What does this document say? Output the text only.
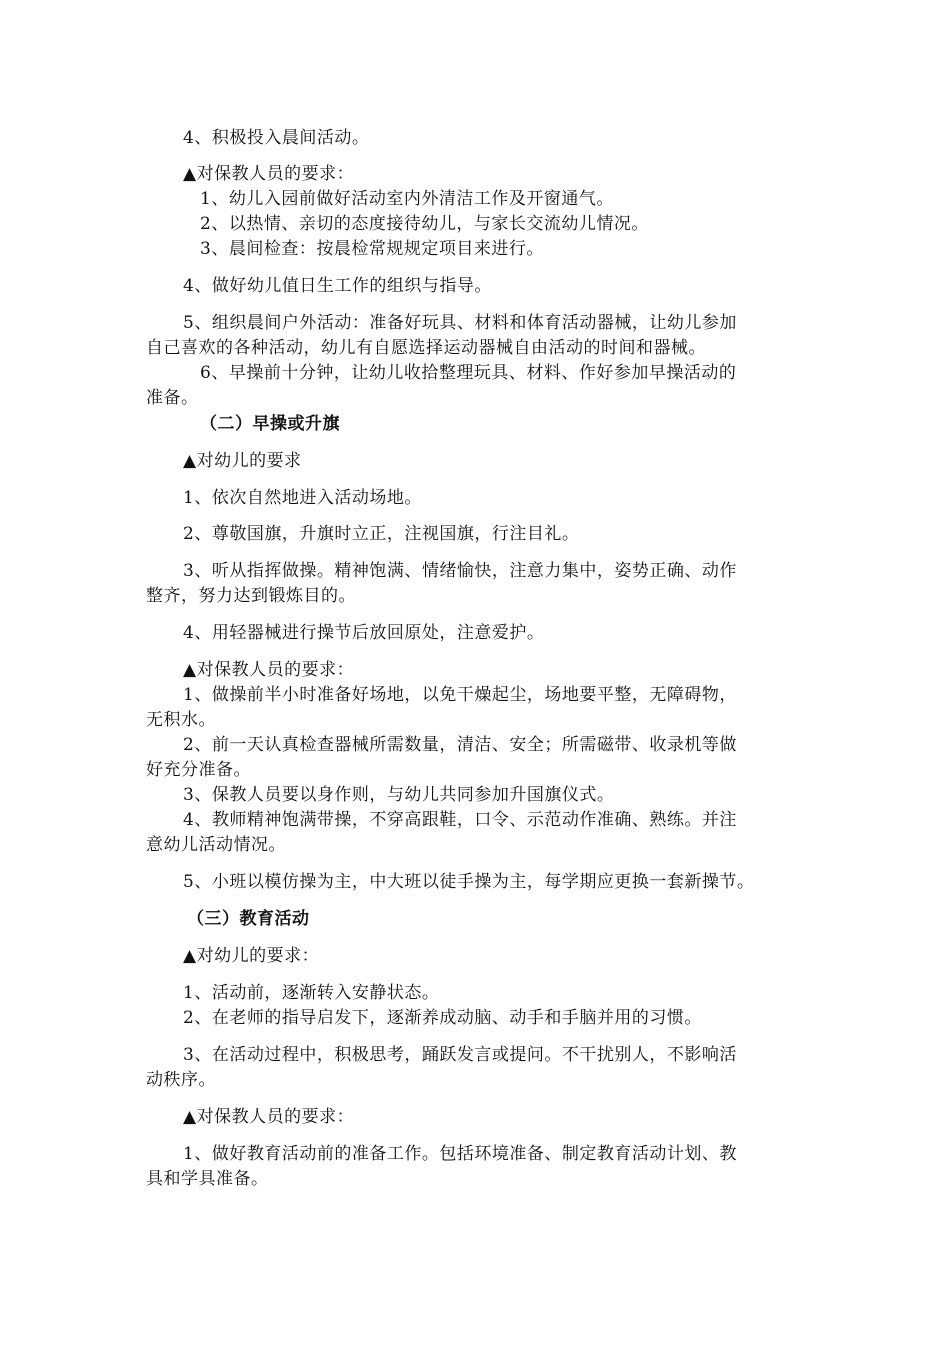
4、积极投入晨间活动。
▲对保教人员的要求：
1、幼儿入园前做好活动室内外清洁工作及开窗通气。
2、以热情、亲切的态度接待幼儿，与家长交流幼儿情况。
3、晨间检查：按晨检常规规定项目来进行。
4、做好幼儿值日生工作的组织与指导。
5、组织晨间户外活动：准备好玩具、材料和体育活动器械，让幼儿参加
自己喜欢的各种活动，幼儿有自愿选择运动器械自由活动的时间和器械。
6、早操前十分钟，让幼儿收拾整理玩具、材料、作好参加早操活动的
准备。
（二）早操或升旗
▲对幼儿的要求
1、依次自然地进入活动场地。
2、尊敬国旗，升旗时立正，注视国旗，行注目礼。
3、听从指挥做操。精神饱满、情绪愉快，注意力集中，姿势正确、动作
整齐，努力达到锻炼目的。
4、用轻器械进行操节后放回原处，注意爱护。
▲对保教人员的要求：
1、做操前半小时准备好场地，以免干燥起尘，场地要平整，无障碍物，
无积水。
2、前一天认真检查器械所需数量，清洁、安全；所需磁带、收录机等做
好充分准备。
3、保教人员要以身作则，与幼儿共同参加升国旗仪式。
4、教师精神饱满带操，不穿高跟鞋，口令、示范动作准确、熟练。并注
意幼儿活动情况。
5、小班以模仿操为主，中大班以徒手操为主，每学期应更换一套新操节。
（三）教育活动
▲对幼儿的要求：
1、活动前，逐渐转入安静状态。
2、在老师的指导启发下，逐渐养成动脑、动手和手脑并用的习惯。
3、在活动过程中，积极思考，踊跃发言或提问。不干扰别人，不影响活
动秩序。
▲对保教人员的要求：
1、做好教育活动前的准备工作。包括环境准备、制定教育活动计划、教
具和学具准备。
